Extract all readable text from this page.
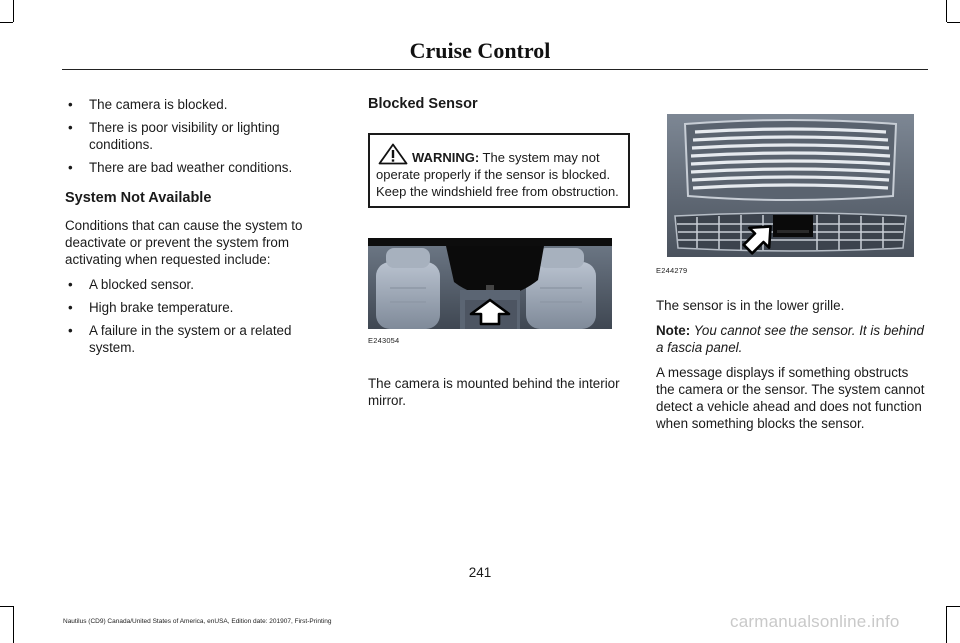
Cruise Control
• The camera is blocked.
• There is poor visibility or lighting conditions.
• There are bad weather conditions.
System Not Available

Conditions that can cause the system to deactivate or prevent the system from activating when requested include:

• A blocked sensor.
• High brake temperature.
• A failure in the system or a related system.
Blocked Sensor
WARNING: The system may not operate properly if the sensor is blocked. Keep the windshield free from obstruction.
E243054

The camera is mounted behind the interior mirror.

E244279

The sensor is in the lower grille.

Note: You cannot see the sensor. It is behind a fascia panel.

A message displays if something obstructs the camera or the sensor. The system cannot detect a vehicle ahead and does not function when something blocks the sensor.

241
Nautilus (CD9) Canada/United States of America, enUSA, Edition date: 201907, First-Printing	carmanualsonline.info
